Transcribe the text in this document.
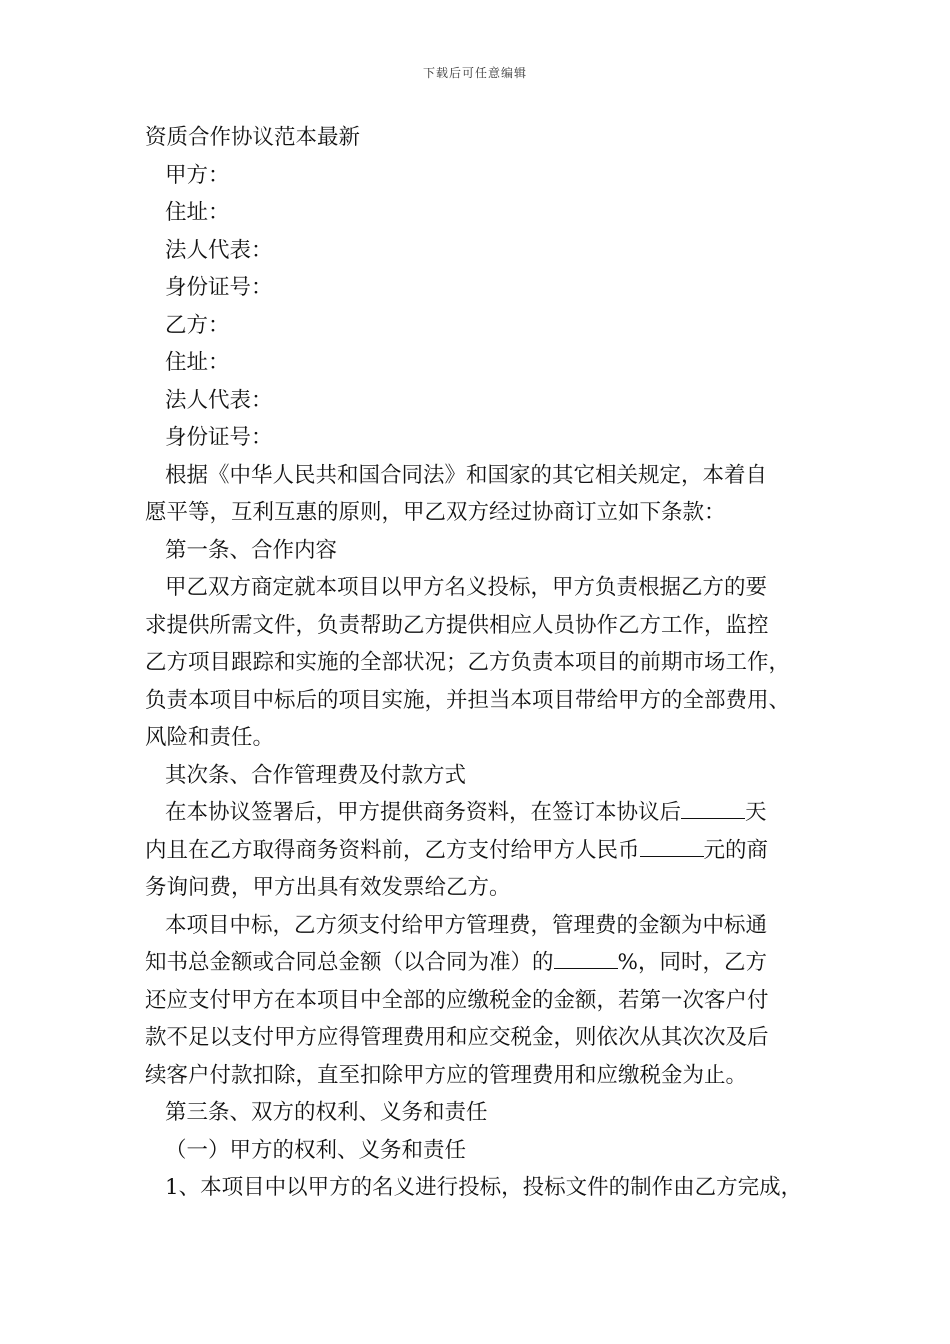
下载后可任意编辑
资质合作协议范本最新
甲方：
住址：
法人代表：
身份证号：
乙方：
住址：
法人代表：
身份证号：
根据《中华人民共和国合同法》和国家的其它相关规定，本着自
愿平等，互利互惠的原则，甲乙双方经过协商订立如下条款：
第一条、合作内容
甲乙双方商定就本项目以甲方名义投标，甲方负责根据乙方的要
求提供所需文件，负责帮助乙方提供相应人员协作乙方工作，监控
乙方项目跟踪和实施的全部状况；乙方负责本项目的前期市场工作，
负责本项目中标后的项目实施，并担当本项目带给甲方的全部费用、
风险和责任。
其次条、合作管理费及付款方式
在本协议签署后，甲方提供商务资料，在签订本协议后	天
内且在乙方取得商务资料前，乙方支付给甲方人民币	元的商
务询问费，甲方出具有效发票给乙方。
本项目中标，乙方须支付给甲方管理费，管理费的金额为中标通
知书总金额或合同总金额（以合同为准）的	%，同时，乙方
还应支付甲方在本项目中全部的应缴税金的金额，若第一次客户付
款不足以支付甲方应得管理费用和应交税金，则依次从其次次及后
续客户付款扣除，直至扣除甲方应的管理费用和应缴税金为止。
第三条、双方的权利、义务和责任
（一）甲方的权利、义务和责任
1、本项目中以甲方的名义进行投标，投标文件的制作由乙方完成，
